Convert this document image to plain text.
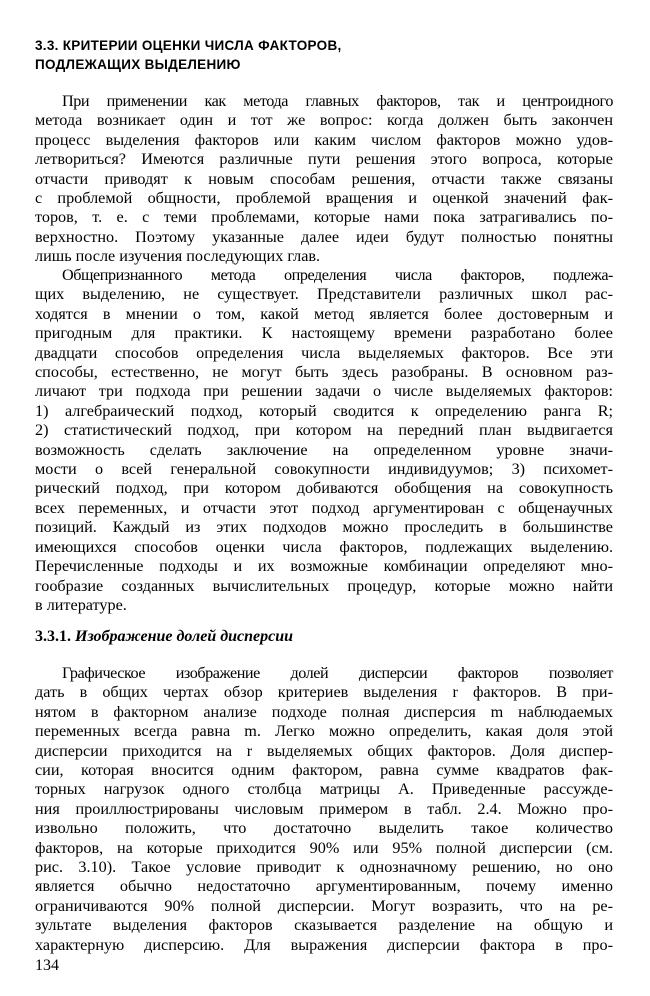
3.3. КРИТЕРИИ ОЦЕНКИ ЧИСЛА ФАКТОРОВ,
ПОДЛЕЖАЩИХ ВЫДЕЛЕНИЮ
При применении как метода главных факторов, так и центроидного
метода возникает один и тот же вопрос: когда должен быть закончен
процесс выделения факторов или каким числом факторов можно удов-
летвориться? Имеются различные пути решения этого вопроса, которые
отчасти приводят к новым способам решения, отчасти также связаны
с проблемой общности, проблемой вращения и оценкой значений фак-
торов, т. е. с теми проблемами, которые нами пока затрагивались по-
верхностно. Поэтому указанные далее идеи будут полностью понятны
лишь после изучения последующих глав.
Общепризнанного метода определения числа факторов, подлежа-
щих выделению, не существует. Представители различных школ рас-
ходятся в мнении о том, какой метод является более достоверным и
пригодным для практики. К настоящему времени разработано более
двадцати способов определения числа выделяемых факторов. Все эти
способы, естественно, не могут быть здесь разобраны. В основном раз-
личают три подхода при решении задачи о числе выделяемых факторов:
1) алгебраический подход, который сводится к определению ранга R;
2) статистический подход, при котором на передний план выдвигается
возможность сделать заключение на определенном уровне значи-
мости о всей генеральной совокупности индивидуумов; 3) психомет-
рический подход, при котором добиваются обобщения на совокупность
всех переменных, и отчасти этот подход аргументирован с общенаучных
позиций. Каждый из этих подходов можно проследить в большинстве
имеющихся способов оценки числа факторов, подлежащих выделению.
Перечисленные подходы и их возможные комбинации определяют мно-
гообразие созданных вычислительных процедур, которые можно найти
в литературе.
3.3.1. Изображение долей дисперсии
Графическое изображение долей дисперсии факторов позволяет
дать в общих чертах обзор критериев выделения r факторов. В при-
нятом в факторном анализе подходе полная дисперсия m наблюдаемых
переменных всегда равна m. Легко можно определить, какая доля этой
дисперсии приходится на r выделяемых общих факторов. Доля диспер-
сии, которая вносится одним фактором, равна сумме квадратов фак-
торных нагрузок одного столбца матрицы А. Приведенные рассужде-
ния проиллюстрированы числовым примером в табл. 2.4. Можно про-
извольно положить, что достаточно выделить такое количество
факторов, на которые приходится 90% или 95% полной дисперсии (см.
рис. 3.10). Такое условие приводит к однозначному решению, но оно
является обычно недостаточно аргументированным, почему именно
ограничиваются 90% полной дисперсии. Могут возразить, что на ре-
зультате выделения факторов сказывается разделение на общую и
характерную дисперсию. Для выражения дисперсии фактора в про-
134
